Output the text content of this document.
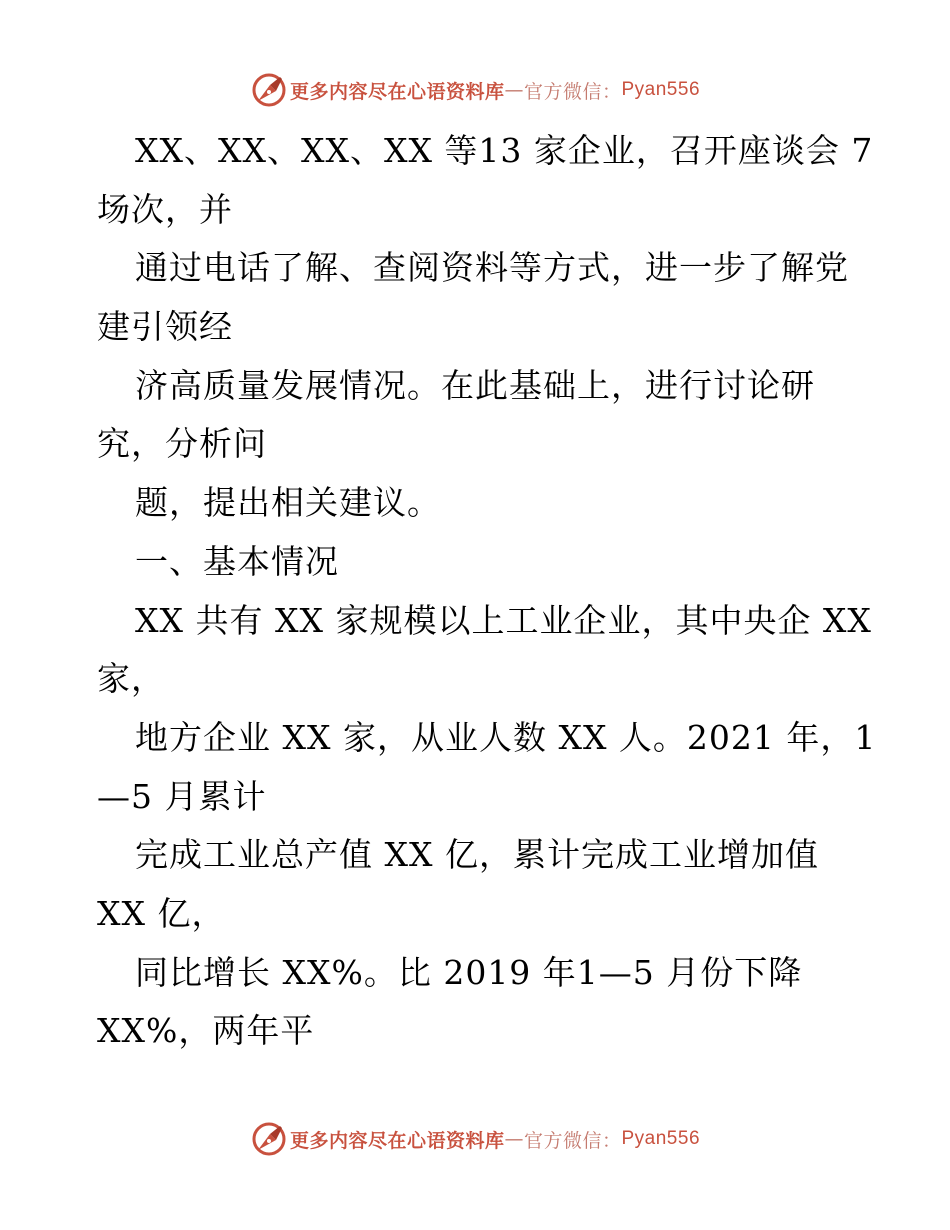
更多内容尽在心语资料库 — 官方微信： Pyan556
XX、XX、XX、XX 等13 家企业，召开座谈会 7
场次，并
通过电话了解、查阅资料等方式，进一步了解党
建引领经
济高质量发展情况。在此基础上，进行讨论研
究，分析问
题，提出相关建议。
一、基本情况
XX 共有 XX 家规模以上工业企业，其中央企 XX
家，
地方企业 XX 家，从业人数 XX 人。2021 年，1
—5 月累计
完成工业总产值 XX 亿，累计完成工业增加值
XX 亿，
同比增长 XX%。比 2019 年1—5 月份下降
XX%，两年平
更多内容尽在心语资料库 — 官方微信： Pyan556
